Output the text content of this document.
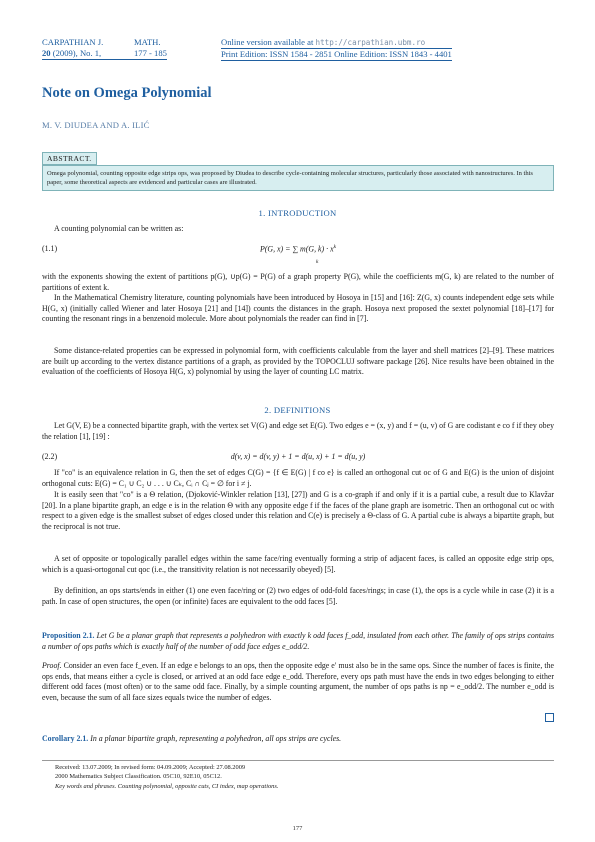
CARPATHIAN J.	MATH.
20 (2009), No. 1,	177 - 185
Online version available at http://carpathian.ubm.ro
Print Edition: ISSN 1584 - 2851 Online Edition: ISSN 1843 - 4401
Note on Omega Polynomial
M. V. DIUDEA AND A. ILIĆ
ABSTRACT.
Omega polynomial, counting opposite edge strips ops, was proposed by Diudea to describe cycle-containing molecular structures, particularly those associated with nanostructures. In this paper, some theoretical aspects are evidenced and particular cases are illustrated.
1. INTRODUCTION
A counting polynomial can be written as:
(1.1)	P(G, x) = ∑ m(G, $k) \cdot x^k$
k
with the exponents showing the extent of partitions p(G), ∪p(G) = P(G) of a graph property P(G), while the coefficients m(G, k) are related to the number of partitions of extent k.
In the Mathematical Chemistry literature, counting polynomials have been introduced by Hosoya in [15] and [16]: Z(G, x) counts independent edge sets while H(G, x) (initially called Wiener and later Hosoya [21] and [14]) counts the distances in the graph. Hosoya next proposed the sextet polynomial [18]–[17] for counting the resonant rings in a benzenoid molecule. More about polynomials the reader can find in [7].
Some distance-related properties can be expressed in polynomial form, with coefficients calculable from the layer and shell matrices [2]–[9]. These matrices are built up according to the vertex distance partitions of a graph, as provided by the TOPOCLUJ software package [26]. Nice results have been obtained in the evaluation of the coefficients of Hosoya H(G, x) polynomial by using the layer of counting LC matrix.
2. DEFINITIONS
Let G(V, E) be a connected bipartite graph, with the vertex set V(G) and edge set E(G). Two edges e = (x, y) and f = (u, v) of G are codistant e co f if they obey the relation [1], [19] :
(2.2)	d(v, x) = d(v, y) + 1 = d(u, x) + 1 = d(u, y)
If "co" is an equivalence relation in G, then the set of edges C(G) = {f ∈ E(G) | f co e} is called an orthogonal cut oc of G and E(G) is the union of disjoint orthogonal cuts: E(G) = C₁ ∪ C₂ ∪ . . . ∪ Cₖ, Cᵢ ∩ Cⱼ = ∅ for i ≠ j.
It is easily seen that "co" is a Θ relation, (Djoković-Winkler relation [13], [27]) and G is a co-graph if and only if it is a partial cube, a result due to Klavžar [20]. In a plane bipartite graph, an edge e is in the relation Θ with any opposite edge f if the faces of the plane graph are isometric. Then an orthogonal cut oc with respect to a given edge is the smallest subset of edges closed under this relation and C(e) is precisely a Θ-class of G. A partial cube is always a bipartite graph, but the reciprocal is not true.
A set of opposite or topologically parallel edges within the same face/ring eventually forming a strip of adjacent faces, is called an opposite edge strip ops, which is a quasi-ortogonal cut qoc (i.e., the transitivity relation is not necessarily obeyed) [5].
By definition, an ops starts/ends in either (1) one even face/ring or (2) two edges of odd-fold faces/rings; in case (1), the ops is a cycle while in case (2) it is a path. In case of open structures, the open (or infinite) faces are equivalent to the odd faces [5].
Proposition 2.1. Let G be a planar graph that represents a polyhedron with exactly k odd faces f_odd, insulated from each other. The family of ops strips contains a number of ops paths which is exactly half of the number of odd face edges e_odd/2.
Proof. Consider an even face f_even. If an edge e belongs to an ops, then the opposite edge e′ must also be in the same ops. Since the number of faces is finite, the ops ends, that means either a cycle is closed, or arrived at an odd face edge e_odd. Therefore, every ops path must have the ends in two edges belonging to either different odd faces (most often) or to the same odd face. Finally, by a simple counting argument, the number of ops paths is np = e_odd/2. The number e_odd is even, because the sum of all face sizes equals twice the number of edges.
Corollary 2.1. In a planar bipartite graph, representing a polyhedron, all ops strips are cycles.
Received: 13.07.2009; In revised form: 04.09.2009; Accepted: 27.08.2009
2000 Mathematics Subject Classification. 05C10, 92E10, 05C12.
Key words and phrases. Counting polynomial, opposite cuts, CI index, map operations.
177
